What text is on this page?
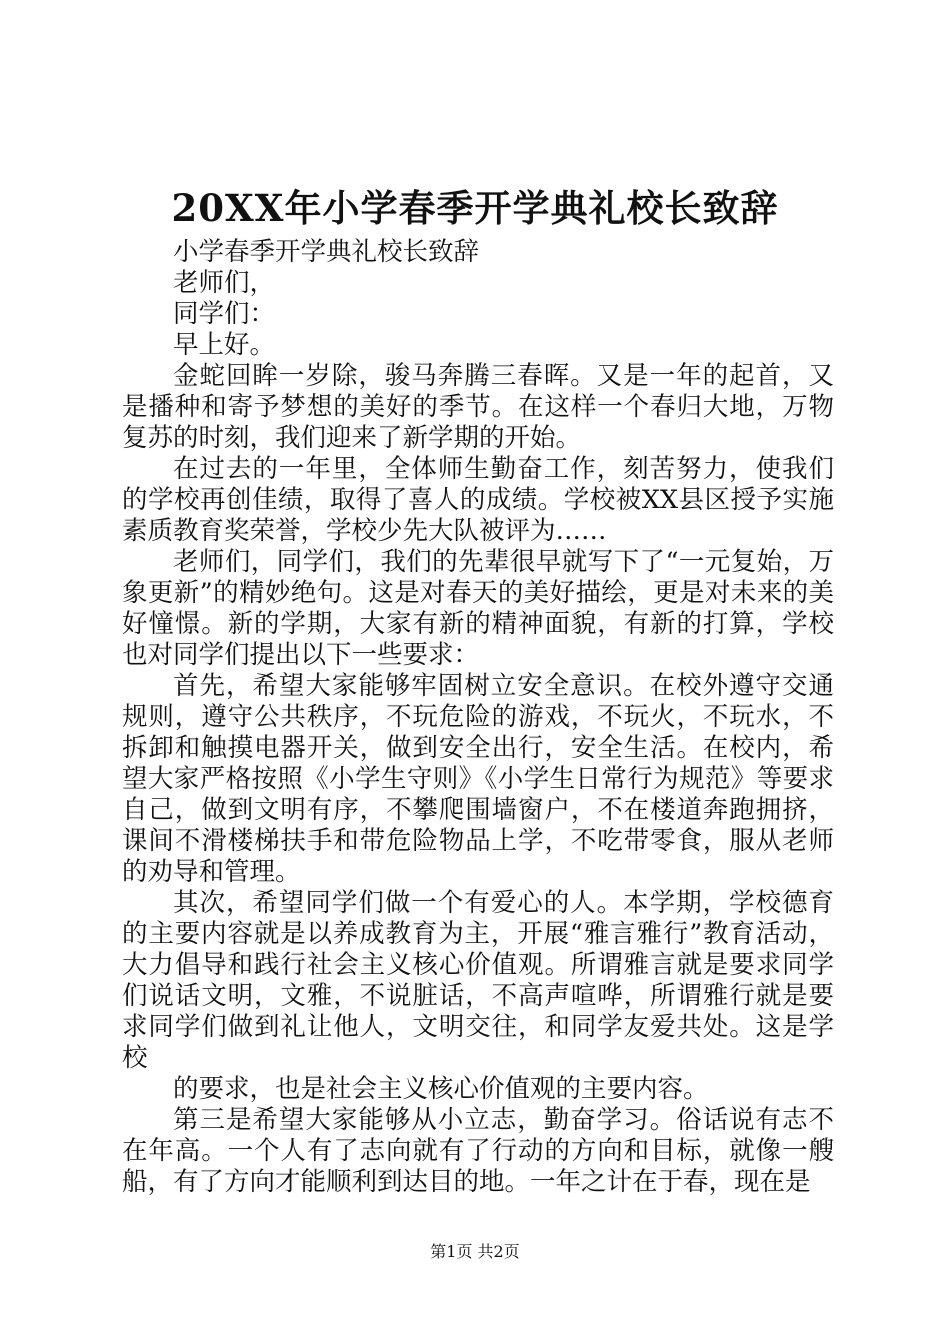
20XX年小学春季开学典礼校长致辞

小学春季开学典礼校长致辞

老师们，

同学们：

早上好。

金蛇回眸一岁除，骏马奔腾三春晖。又是一年的起首，又是播种和寄予梦想的美好的季节。在这样一个春归大地，万物复苏的时刻，我们迎来了新学期的开始。

在过去的一年里，全体师生勤奋工作，刻苦努力，使我们的学校再创佳绩，取得了喜人的成绩。学校被XX县区授予实施素质教育奖荣誉，学校少先大队被评为……

老师们，同学们，我们的先辈很早就写下了“一元复始，万象更新”的精妙绝句。这是对春天的美好描绘，更是对未来的美好憧憬。新的学期，大家有新的精神面貌，有新的打算，学校也对同学们提出以下一些要求：

首先，希望大家能够牢固树立安全意识。在校外遵守交通规则，遵守公共秩序，不玩危险的游戏，不玩火，不玩水，不拆卸和触摸电器开关，做到安全出行，安全生活。在校内，希望大家严格按照《小学生守则》《小学生日常行为规范》等要求自己，做到文明有序，不攀爬围墙窗户，不在楼道奔跑拥挤，课间不滑楼梯扶手和带危险物品上学，不吃带零食，服从老师的劝导和管理。

其次，希望同学们做一个有爱心的人。本学期，学校德育的主要内容就是以养成教育为主，开展“雅言雅行”教育活动，大力倡导和践行社会主义核心价值观。所谓雅言就是要求同学们说话文明，文雅，不说脏话，不高声喧哗，所谓雅行就是要求同学们做到礼让他人，文明交往，和同学友爱共处。这是学校

的要求，也是社会主义核心价值观的主要内容。

第三是希望大家能够从小立志，勤奋学习。俗话说有志不在年高。一个人有了志向就有了行动的方向和目标，就像一艘船，有了方向才能顺利到达目的地。一年之计在于春，现在是

第1页 共2页
